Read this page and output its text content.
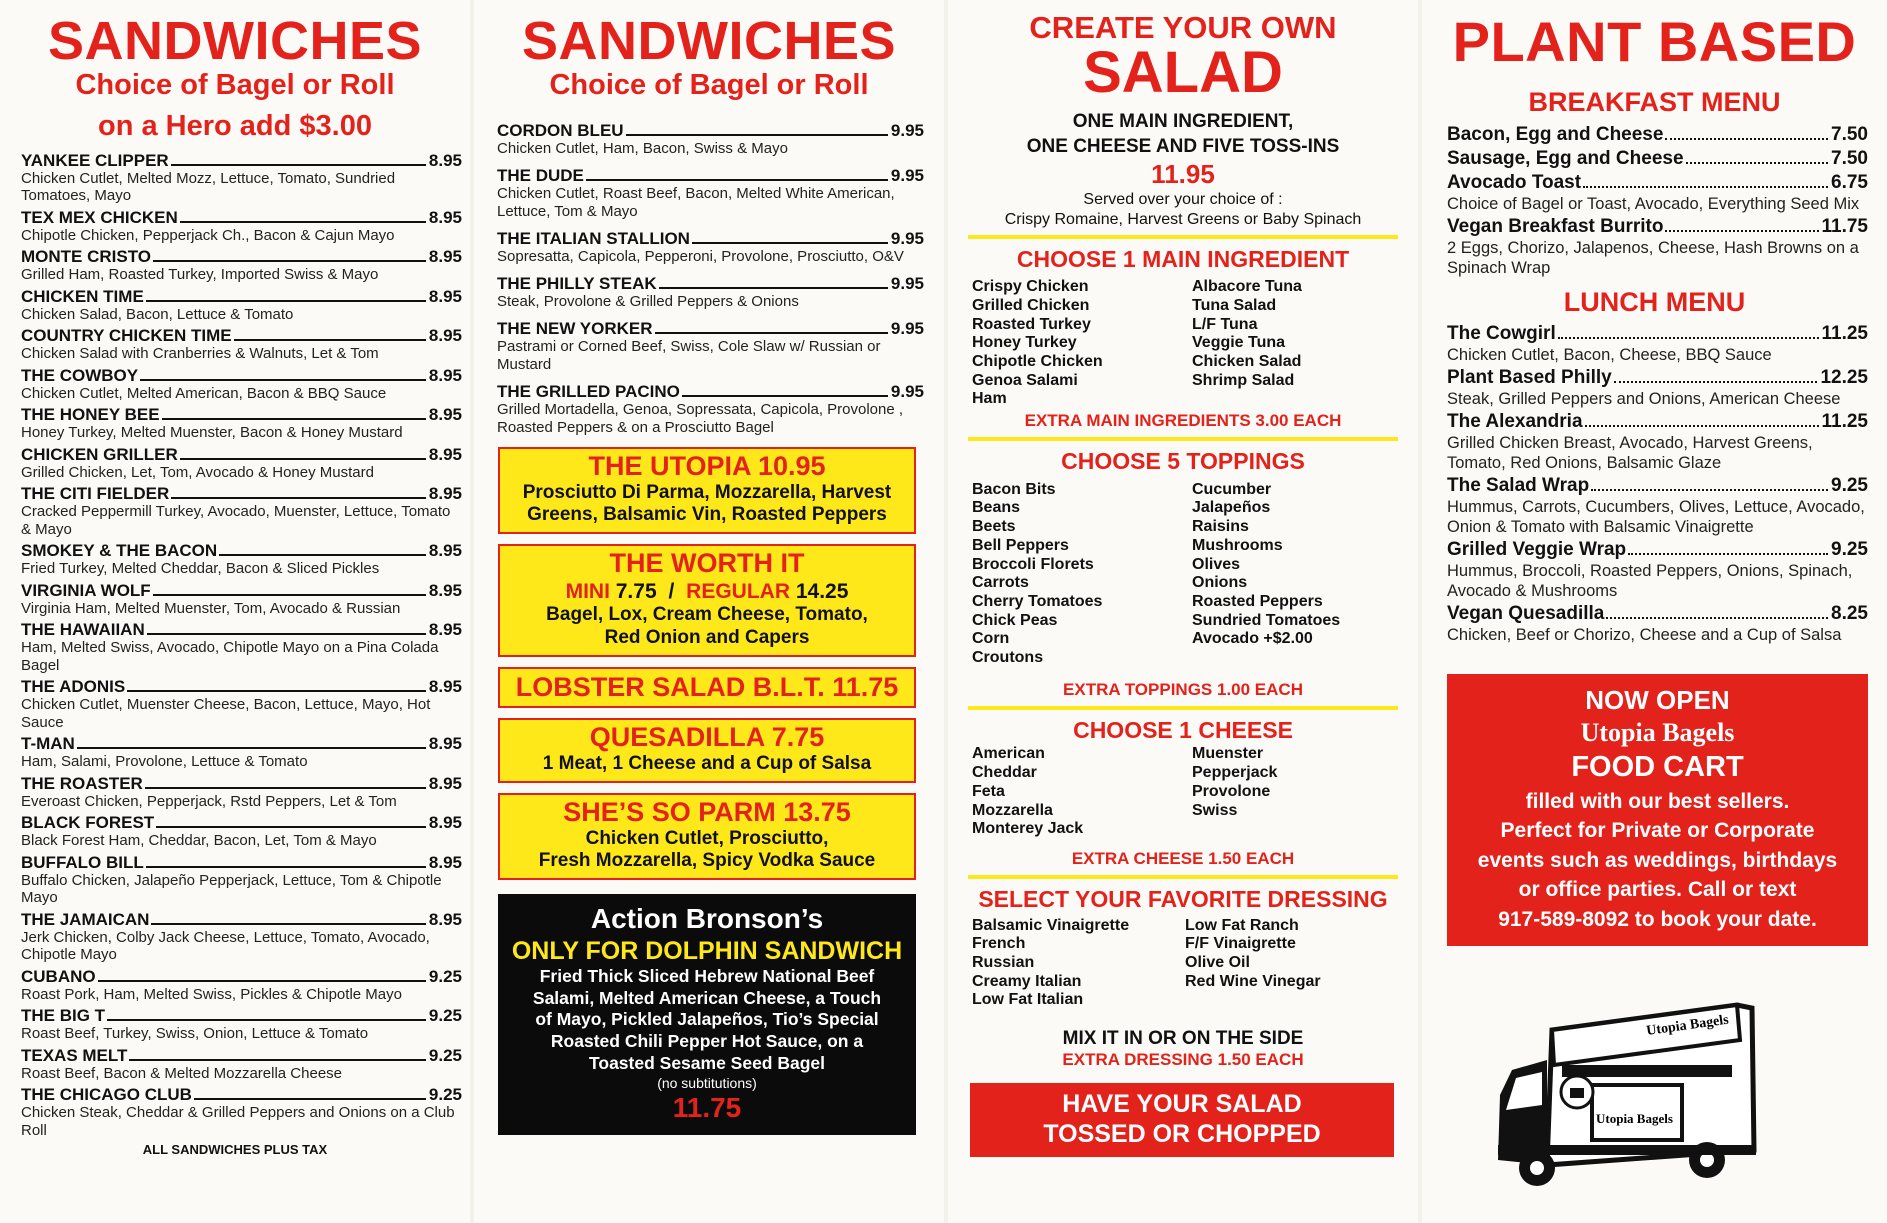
SANDWICHES
Choice of Bagel or Roll
on a Hero add $3.00
YANKEE CLIPPER	8.95
Chicken Cutlet, Melted Mozz, Lettuce, Tomato, Sundried Tomatoes, Mayo
TEX MEX CHICKEN	8.95
Chipotle Chicken, Pepperjack Ch., Bacon & Cajun Mayo
MONTE CRISTO	8.95
Grilled Ham, Roasted Turkey, Imported Swiss & Mayo
CHICKEN TIME	8.95
Chicken Salad, Bacon, Lettuce & Tomato
COUNTRY CHICKEN TIME	8.95
Chicken Salad with Cranberries & Walnuts, Let & Tom
THE COWBOY	8.95
Chicken Cutlet, Melted American, Bacon & BBQ Sauce
THE HONEY BEE	8.95
Honey Turkey, Melted Muenster, Bacon & Honey Mustard
CHICKEN GRILLER	8.95
Grilled Chicken, Let, Tom, Avocado & Honey Mustard
THE CITI FIELDER	8.95
Cracked Peppermill Turkey, Avocado, Muenster, Lettuce, Tomato & Mayo
SMOKEY & THE BACON	8.95
Fried Turkey, Melted Cheddar, Bacon & Sliced Pickles
VIRGINIA WOLF	8.95
Virginia Ham, Melted Muenster, Tom, Avocado & Russian
THE HAWAIIAN	8.95
Ham, Melted Swiss, Avocado, Chipotle Mayo on a Pina Colada Bagel
THE ADONIS	8.95
Chicken Cutlet, Muenster Cheese, Bacon, Lettuce, Mayo, Hot Sauce
T-MAN	8.95
Ham, Salami, Provolone, Lettuce & Tomato
THE ROASTER	8.95
Everoast Chicken, Pepperjack, Rstd Peppers, Let & Tom
BLACK FOREST	8.95
Black Forest Ham, Cheddar, Bacon, Let, Tom & Mayo
BUFFALO BILL	8.95
Buffalo Chicken, Jalapeño Pepperjack, Lettuce, Tom & Chipotle Mayo
THE JAMAICAN	8.95
Jerk Chicken, Colby Jack Cheese, Lettuce, Tomato, Avocado, Chipotle Mayo
CUBANO	9.25
Roast Pork, Ham, Melted Swiss, Pickles & Chipotle Mayo
THE BIG T	9.25
Roast Beef, Turkey, Swiss, Onion, Lettuce & Tomato
TEXAS MELT	9.25
Roast Beef, Bacon & Melted Mozzarella Cheese
THE CHICAGO CLUB	9.25
Chicken Steak, Cheddar & Grilled Peppers and Onions on a Club Roll
ALL SANDWICHES PLUS TAX
SANDWICHES
Choice of Bagel or Roll
CORDON BLEU	9.95
Chicken Cutlet, Ham, Bacon, Swiss & Mayo
THE DUDE	9.95
Chicken Cutlet, Roast Beef, Bacon, Melted White American, Lettuce, Tom & Mayo
THE ITALIAN STALLION	9.95
Sopresatta, Capicola, Pepperoni, Provolone, Prosciutto, O&V
THE PHILLY STEAK	9.95
Steak, Provolone & Grilled Peppers & Onions
THE NEW YORKER	9.95
Pastrami or Corned Beef, Swiss, Cole Slaw w/ Russian or Mustard
THE GRILLED PACINO	9.95
Grilled Mortadella, Genoa, Sopressata, Capicola, Provolone , Roasted Peppers & on a Prosciutto Bagel
THE UTOPIA 10.95
Prosciutto Di Parma, Mozzarella, Harvest
Greens, Balsamic Vin, Roasted Peppers
THE WORTH IT
MINI 7.75 / REGULAR 14.25
Bagel, Lox, Cream Cheese, Tomato,
Red Onion and Capers
LOBSTER SALAD B.L.T. 11.75
QUESADILLA 7.75
1 Meat, 1 Cheese and a Cup of Salsa
SHE’S SO PARM 13.75
Chicken Cutlet, Prosciutto,
Fresh Mozzarella, Spicy Vodka Sauce
Action Bronson’s
ONLY FOR DOLPHIN SANDWICH
Fried Thick Sliced Hebrew National Beef
Salami, Melted American Cheese, a Touch
of Mayo, Pickled Jalapeños, Tio’s Special
Roasted Chili Pepper Hot Sauce, on a
Toasted Sesame Seed Bagel
(no subtitutions)
11.75
CREATE YOUR OWN
SALAD
ONE MAIN INGREDIENT,
ONE CHEESE AND FIVE TOSS-INS
11.95
Served over your choice of :
Crispy Romaine, Harvest Greens or Baby Spinach
CHOOSE 1 MAIN INGREDIENT
Crispy Chicken
Grilled Chicken
Roasted Turkey
Honey Turkey
Chipotle Chicken
Genoa Salami
Ham
Albacore Tuna
Tuna Salad
L/F Tuna
Veggie Tuna
Chicken Salad
Shrimp Salad
EXTRA MAIN INGREDIENTS 3.00 EACH
CHOOSE 5 TOPPINGS
Bacon Bits
Beans
Beets
Bell Peppers
Broccoli Florets
Carrots
Cherry Tomatoes
Chick Peas
Corn
Croutons
Cucumber
Jalapeños
Raisins
Mushrooms
Olives
Onions
Roasted Peppers
Sundried Tomatoes
Avocado +$2.00
EXTRA TOPPINGS 1.00 EACH
CHOOSE 1 CHEESE
American
Cheddar
Feta
Mozzarella
Monterey Jack
Muenster
Pepperjack
Provolone
Swiss
EXTRA CHEESE 1.50 EACH
SELECT YOUR FAVORITE DRESSING
Balsamic Vinaigrette
French
Russian
Creamy Italian
Low Fat Italian
Low Fat Ranch
F/F Vinaigrette
Olive Oil
Red Wine Vinegar
MIX IT IN OR ON THE SIDE
EXTRA DRESSING 1.50 EACH
HAVE YOUR SALAD
TOSSED OR CHOPPED
PLANT BASED
BREAKFAST MENU
Bacon, Egg and Cheese	7.50
Sausage, Egg and Cheese	7.50
Avocado Toast	6.75
Choice of Bagel or Toast, Avocado, Everything Seed Mix
Vegan Breakfast Burrito	11.75
2 Eggs, Chorizo, Jalapenos, Cheese, Hash Browns on a Spinach Wrap
LUNCH MENU
The Cowgirl	11.25
Chicken Cutlet, Bacon, Cheese, BBQ Sauce
Plant Based Philly	12.25
Steak, Grilled Peppers and Onions, American Cheese
The Alexandria	11.25
Grilled Chicken Breast, Avocado, Harvest Greens, Tomato, Red Onions, Balsamic Glaze
The Salad Wrap	9.25
Hummus, Carrots, Cucumbers, Olives, Lettuce, Avocado, Onion & Tomato with Balsamic Vinaigrette
Grilled Veggie Wrap	9.25
Hummus, Broccoli, Roasted Peppers, Onions, Spinach, Avocado & Mushrooms
Vegan Quesadilla	8.25
Chicken, Beef or Chorizo, Cheese and a Cup of Salsa
NOW OPEN
Utopia Bagels
FOOD CART
filled with our best sellers.
Perfect for Private or Corporate
events such as weddings, birthdays
or office parties. Call or text
917-589-8092 to book your date.
Utopia Bagels
Utopia Bagels
